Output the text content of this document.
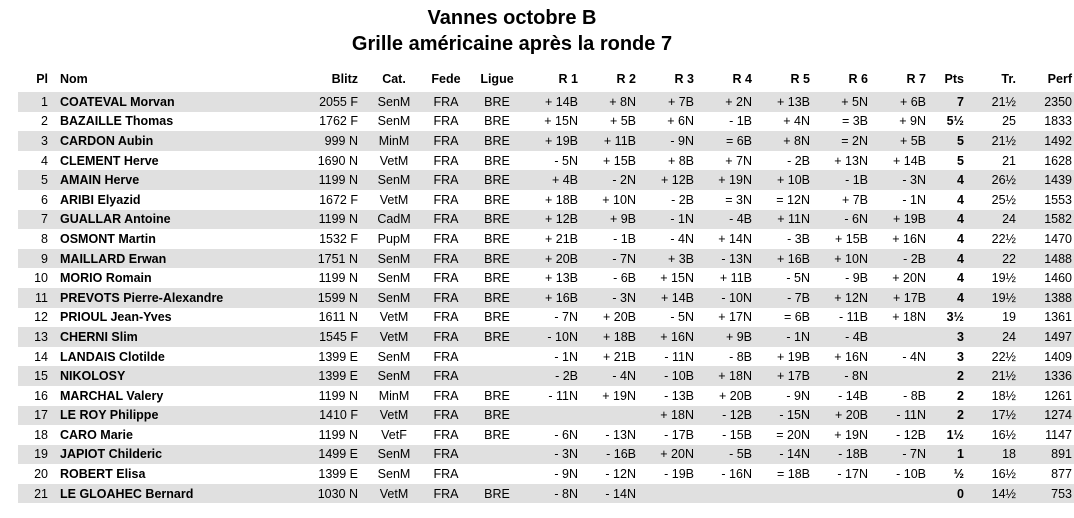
Vannes octobre B
Grille américaine après la ronde 7
Pl	Nom	Blitz	Cat.	Fede	Ligue	R 1	R 2	R 3	R 4	R 5	R 6	R 7	Pts	Tr.	Perf
1	COATEVAL Morvan	2055 F	SenM	FRA	BRE	+ 14B	+ 8N	+ 7B	+ 2N	+ 13B	+ 5N	+ 6B	7	21½	2350
2	BAZAILLE Thomas	1762 F	SenM	FRA	BRE	+ 15N	+ 5B	+ 6N	- 1B	+ 4N	= 3B	+ 9N	5½	25	1833
3	CARDON Aubin	999 N	MinM	FRA	BRE	+ 19B	+ 11B	- 9N	= 6B	+ 8N	= 2N	+ 5B	5	21½	1492
4	CLEMENT Herve	1690 N	VetM	FRA	BRE	- 5N	+ 15B	+ 8B	+ 7N	- 2B	+ 13N	+ 14B	5	21	1628
5	AMAIN Herve	1199 N	SenM	FRA	BRE	+ 4B	- 2N	+ 12B	+ 19N	+ 10B	- 1B	- 3N	4	26½	1439
6	ARIBI Elyazid	1672 F	VetM	FRA	BRE	+ 18B	+ 10N	- 2B	= 3N	= 12N	+ 7B	- 1N	4	25½	1553
7	GUALLAR Antoine	1199 N	CadM	FRA	BRE	+ 12B	+ 9B	- 1N	- 4B	+ 11N	- 6N	+ 19B	4	24	1582
8	OSMONT Martin	1532 F	PupM	FRA	BRE	+ 21B	- 1B	- 4N	+ 14N	- 3B	+ 15B	+ 16N	4	22½	1470
9	MAILLARD Erwan	1751 N	SenM	FRA	BRE	+ 20B	- 7N	+ 3B	- 13N	+ 16B	+ 10N	- 2B	4	22	1488
10	MORIO Romain	1199 N	SenM	FRA	BRE	+ 13B	- 6B	+ 15N	+ 11B	- 5N	- 9B	+ 20N	4	19½	1460
11	PREVOTS Pierre-Alexandre	1599 N	SenM	FRA	BRE	+ 16B	- 3N	+ 14B	- 10N	- 7B	+ 12N	+ 17B	4	19½	1388
12	PRIOUL Jean-Yves	1611 N	VetM	FRA	BRE	- 7N	+ 20B	- 5N	+ 17N	= 6B	- 11B	+ 18N	3½	19	1361
13	CHERNI Slim	1545 F	VetM	FRA	BRE	- 10N	+ 18B	+ 16N	+ 9B	- 1N	- 4B		3	24	1497
14	LANDAIS Clotilde	1399 E	SenM	FRA		- 1N	+ 21B	- 11N	- 8B	+ 19B	+ 16N	- 4N	3	22½	1409
15	NIKOLOSY	1399 E	SenM	FRA		- 2B	- 4N	- 10B	+ 18N	+ 17B	- 8N		2	21½	1336
16	MARCHAL Valery	1199 N	MinM	FRA	BRE	- 11N	+ 19N	- 13B	+ 20B	- 9N	- 14B	- 8B	2	18½	1261
17	LE ROY Philippe	1410 F	VetM	FRA	BRE			+ 18N	- 12B	- 15N	+ 20B	- 11N	2	17½	1274
18	CARO Marie	1199 N	VetF	FRA	BRE	- 6N	- 13N	- 17B	- 15B	= 20N	+ 19N	- 12B	1½	16½	1147
19	JAPIOT Childeric	1499 E	SenM	FRA		- 3N	- 16B	+ 20N	- 5B	- 14N	- 18B	- 7N	1	18	891
20	ROBERT Elisa	1399 E	SenM	FRA		- 9N	- 12N	- 19B	- 16N	= 18B	- 17N	- 10B	½	16½	877
21	LE GLOAHEC Bernard	1030 N	VetM	FRA	BRE	- 8N	- 14N						0	14½	753
